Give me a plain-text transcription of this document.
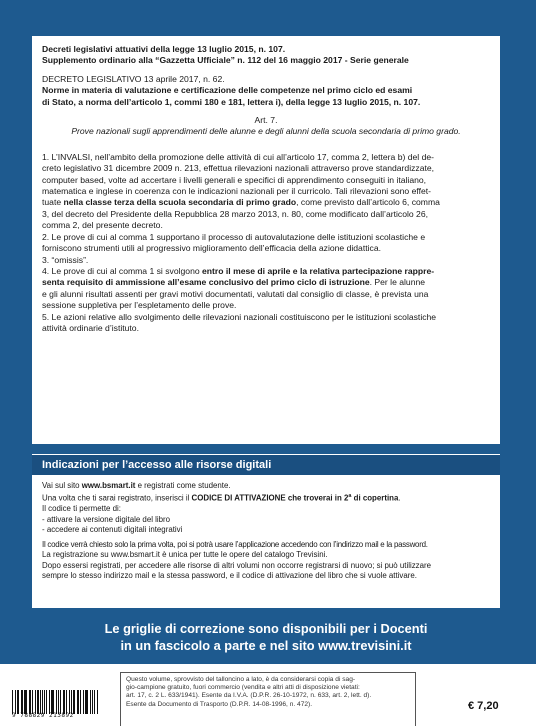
Decreti legislativi attuativi della legge 13 luglio 2015, n. 107.

Supplemento ordinario alla “Gazzetta Ufficiale” n. 112 del 16 maggio 2017 - Serie generale

DECRETO LEGISLATIVO 13 aprile 2017, n. 62.

Norme in materia di valutazione e certificazione delle competenze nel primo ciclo ed esami

di Stato, a norma dell’articolo 1, commi 180 e 181, lettera i), della legge 13 luglio 2015, n. 107.

Art. 7.

Prove nazionali sugli apprendimenti delle alunne e degli alunni della scuola secondaria di primo grado.

1. L’INVALSI, nell’ambito della promozione delle attività di cui all’articolo 17, comma 2, lettera b) del de-

creto legislativo 31 dicembre 2009 n. 213, effettua rilevazioni nazionali attraverso prove standardizzate,

computer based, volte ad accertare i livelli generali e specifici di apprendimento conseguiti in italiano,

matematica e inglese in coerenza con le indicazioni nazionali per il curricolo. Tali rilevazioni sono effet-

tuate nella classe terza della scuola secondaria di primo grado, come previsto dall’articolo 6, comma

3, del decreto del Presidente della Repubblica 28 marzo 2013, n. 80, come modificato dall’articolo 26,

comma 2, del presente decreto.

2. Le prove di cui al comma 1 supportano il processo di autovalutazione delle istituzioni scolastiche e

forniscono strumenti utili al progressivo miglioramento dell’efficacia della azione didattica.

3. “omissis”.

4. Le prove di cui al comma 1 si svolgono entro il mese di aprile e la relativa partecipazione rappre-

senta requisito di ammissione all’esame conclusivo del primo ciclo di istruzione. Per le alunne

e gli alunni risultati assenti per gravi motivi documentati, valutati dal consiglio di classe, è prevista una

sessione suppletiva per l’espletamento delle prove.

5. Le azioni relative allo svolgimento delle rilevazioni nazionali costituiscono per le istituzioni scolastiche

attività ordinarie d’istituto.

Indicazioni per l’accesso alle risorse digitali

Vai sul sito www.bsmart.it e registrati come studente.

Una volta che ti sarai registrato, inserisci il CODICE DI ATTIVAZIONE che troverai in 2$^a$ di copertina.

Il codice ti permette di:

- attivare la versione digitale del libro

- accedere ai contenuti digitali integrativi

Il codice verrà chiesto solo la prima volta, poi si potrà usare l’applicazione accedendo con l’indirizzo mail e la password.

La registrazione su www.bsmart.it è unica per tutte le opere del catalogo Trevisini.

Dopo essersi registrati, per accedere alle risorse di altri volumi non occorre registrarsi di nuovo; si può utilizzare

sempre lo stesso indirizzo mail e la stessa password, e il codice di attivazione del libro che si vuole attivare.

Le griglie di correzione sono disponibili per i Docenti

in un fascicolo a parte e nel sito www.trevisini.it

Questo volume, sprovvisto del talloncino a lato, è da considerarsi copia di sag-

gio-campione gratuito, fuori commercio (vendita e altri atti di disposizione vietati:

art. 17, c. 2 L. 633/1941). Esente da I.V.A. (D.P.R. 26-10-1972, n. 633, art. 2, lett. d).

Esente da Documento di Trasporto (D.P.R. 14-08-1996, n. 472).

9 788829 213892
€ 7,20
